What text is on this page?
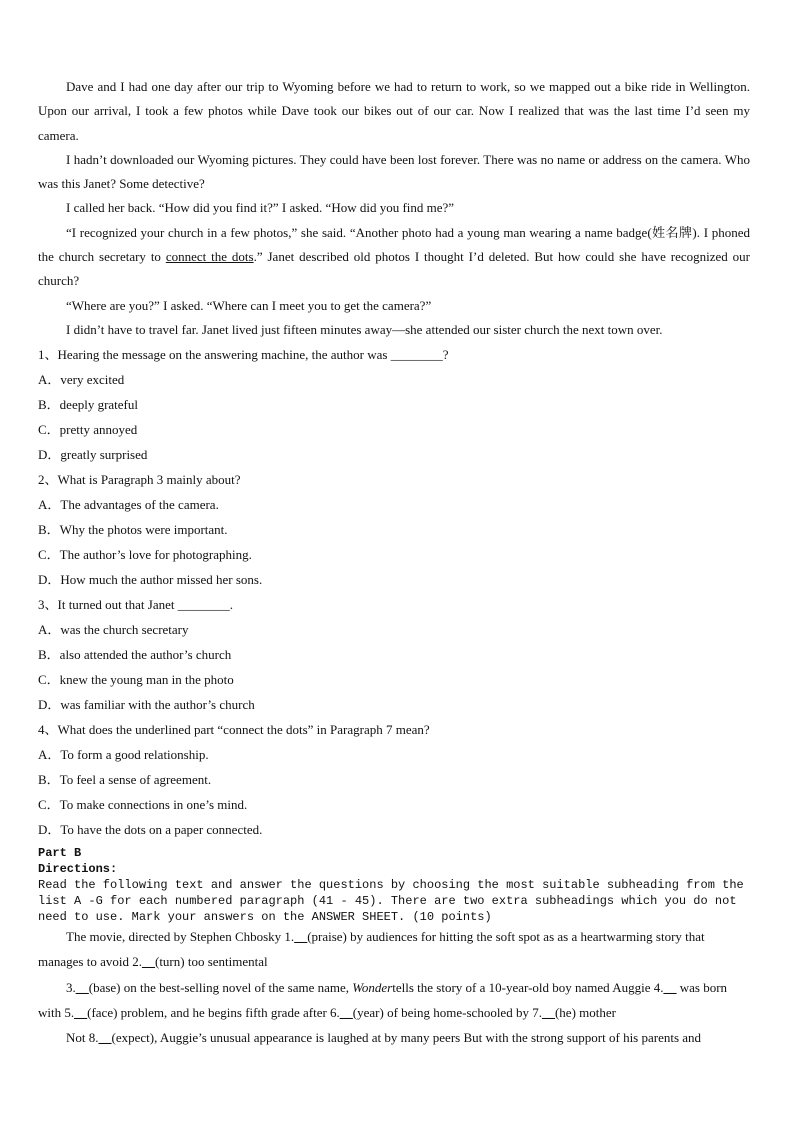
Dave and I had one day after our trip to Wyoming before we had to return to work, so we mapped out a bike ride in Wellington. Upon our arrival, I took a few photos while Dave took our bikes out of our car. Now I realized that was the last time I’d seen my camera.

I hadn’t downloaded our Wyoming pictures. They could have been lost forever. There was no name or address on the camera. Who was this Janet? Some detective?

I called her back. “How did you find it?” I asked. “How did you find me?”

“I recognized your church in a few photos,” she said. “Another photo had a young man wearing a name badge(姓名牌). I phoned the church secretary to connect the dots.” Janet described old photos I thought I’d deleted. But how could she have recognized our church?

“Where are you?” I asked. “Where can I meet you to get the camera?”

I didn’t have to travel far. Janet lived just fifteen minutes away—she attended our sister church the next town over.

1、Hearing the message on the answering machine, the author was ________?

A．very excited

B．deeply grateful

C．pretty annoyed

D．greatly surprised

2、What is Paragraph 3 mainly about?

A．The advantages of the camera.

B．Why the photos were important.

C．The author’s love for photographing.

D．How much the author missed her sons.

3、It turned out that Janet ________.

A．was the church secretary

B．also attended the author’s church

C．knew the young man in the photo

D．was familiar with the author’s church

4、What does the underlined part “connect the dots” in Paragraph 7 mean?

A．To form a good relationship.

B．To feel a sense of agreement.

C．To make connections in one’s mind.

D．To have the dots on a paper connected.

Part B

Directions:

Read the following text and answer the questions by choosing the most suitable subheading from the list A -G for each numbered paragraph (41 - 45). There are two extra subheadings which you do not need to use. Mark your answers on the ANSWER SHEET. (10 points)

The movie, directed by Stephen Chbosky 1.__(praise) by audiences for hitting the soft spot as as a heartwarming story that manages to avoid 2.__(turn) too sentimental

3.__(base) on the best-selling novel of the same name, Wondertells the story of a 10-year-old boy named Auggie 4.__ was born with 5.__(face) problem, and he begins fifth grade after 6.__(year) of being home-schooled by 7.__(he) mother

Not 8.__(expect), Auggie’s unusual appearance is laughed at by many peers But with the strong support of his parents and
